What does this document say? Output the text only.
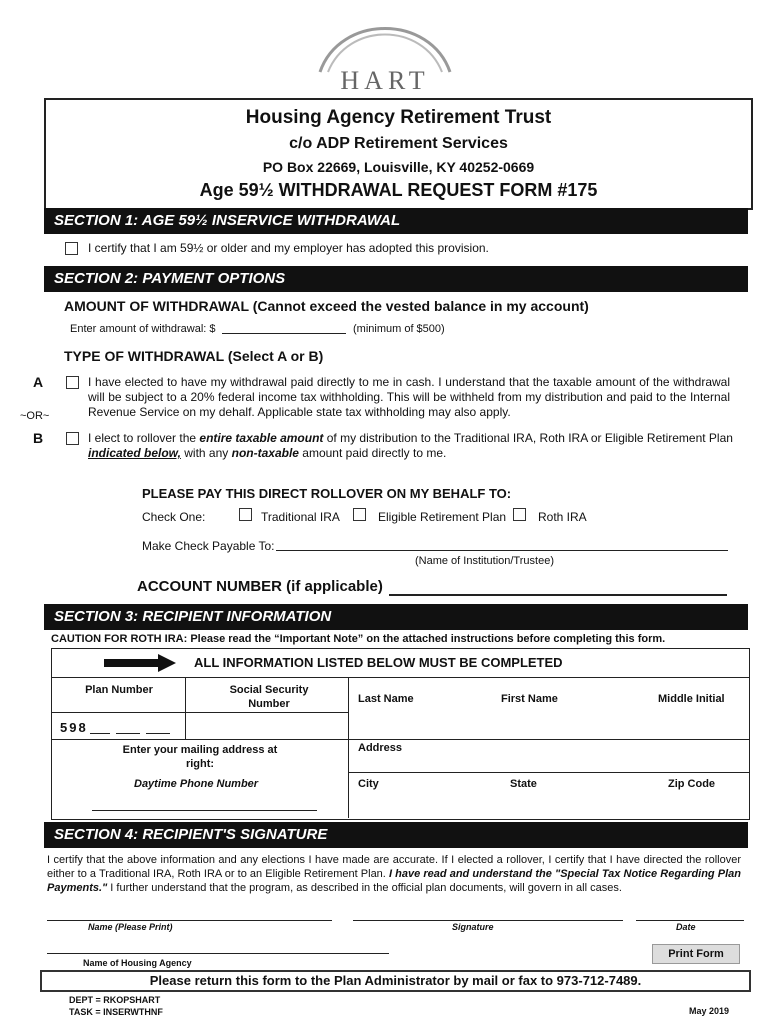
HART
Housing Agency Retirement Trust
c/o ADP Retirement Services
PO Box 22669, Louisville, KY 40252-0669
Age 59½ WITHDRAWAL REQUEST FORM #175
SECTION 1: AGE 59½ INSERVICE WITHDRAWAL
I certify that I am 59½ or older and my employer has adopted this provision.
SECTION 2: PAYMENT OPTIONS
AMOUNT OF WITHDRAWAL (Cannot exceed the vested balance in my account)
Enter amount of withdrawal: $	(minimum of $500)
TYPE OF WITHDRAWAL (Select A or B)
A	I have elected to have my withdrawal paid directly to me in cash. I understand that the taxable amount of the withdrawal will be subject to a 20% federal income tax withholding. This will be withheld from my distribution and paid to the Internal Revenue Service on my dehalf. Applicable state tax withholding may also apply.
~OR~
B	I elect to rollover the entire taxable amount of my distribution to the Traditional IRA, Roth IRA or Eligible Retirement Plan indicated below, with any non-taxable amount paid directly to me.
PLEASE PAY THIS DIRECT ROLLOVER ON MY BEHALF TO:
Check One:	Traditional IRA	Eligible Retirement Plan	Roth IRA
Make Check Payable To:
(Name of Institution/Trustee)
ACCOUNT NUMBER (if applicable)
SECTION 3: RECIPIENT INFORMATION
CAUTION FOR ROTH IRA: Please read the “Important Note” on the attached instructions before completing this form.
ALL INFORMATION LISTED BELOW MUST BE COMPLETED
Plan Number	Social Security Number	Last Name	First Name	Middle Initial
598
Enter your mailing address at right:
Address
Daytime Phone Number	City	State	Zip Code
SECTION 4: RECIPIENT'S SIGNATURE
I certify that the above information and any elections I have made are accurate. If I elected a rollover, I certify that I have directed the rollover either to a Traditional IRA, Roth IRA or to an Eligible Retirement Plan. I have read and understand the "Special Tax Notice Regarding Plan Payments." I further understand that the program, as described in the official plan documents, will govern in all cases.
Name (Please Print)	Signature	Date
Name of Housing Agency
Print Form
Please return this form to the Plan Administrator by mail or fax to 973-712-7489.
DEPT = RKOPSHART
TASK = INSERWTHNF	May 2019
